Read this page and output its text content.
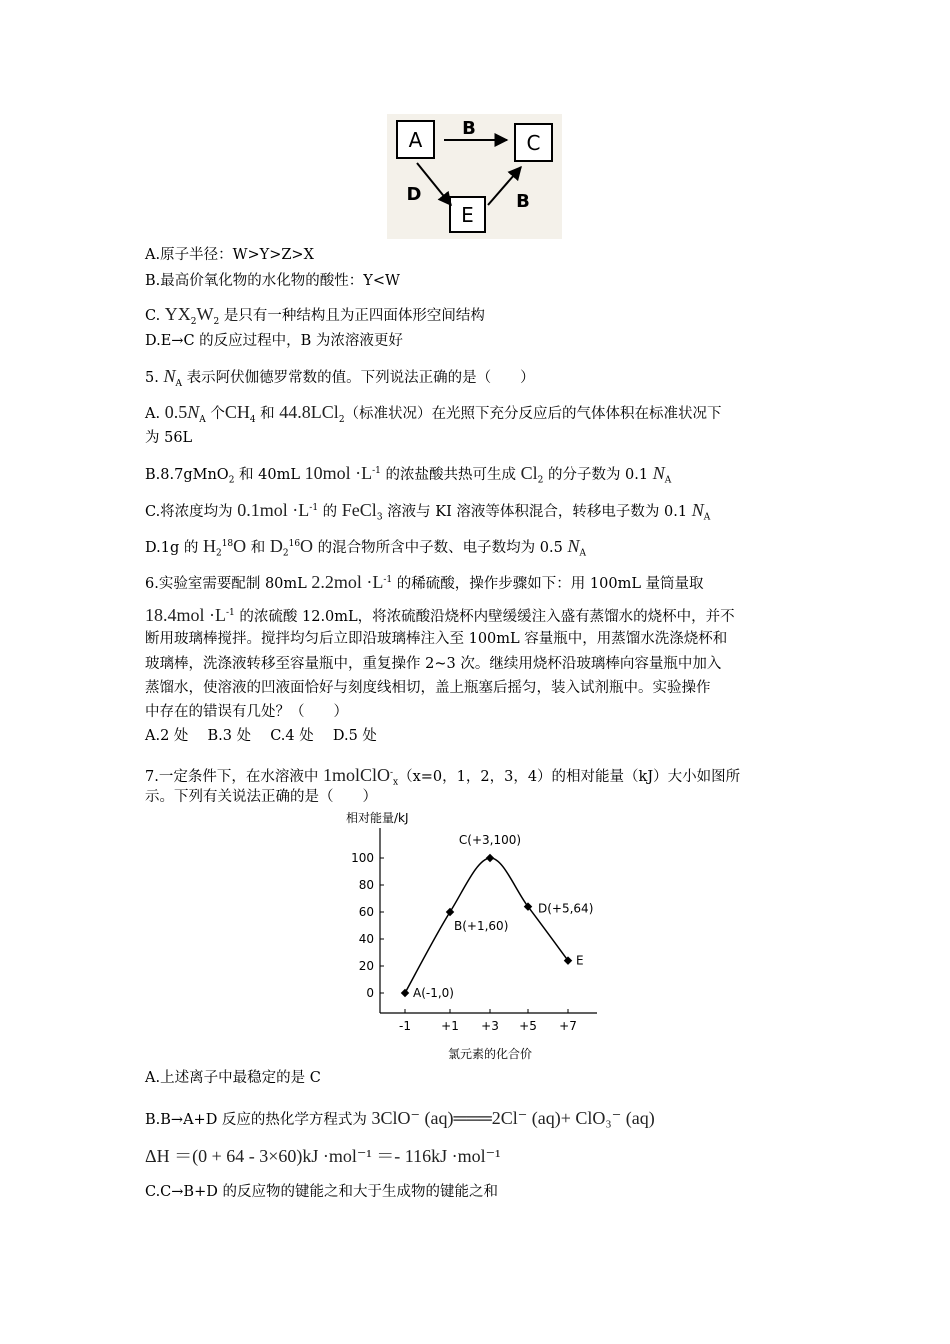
A	C
E
B
D	B
A.原子半径：W>Y>Z>X
B.最高价氧化物的水化物的酸性：Y<W
C. $YX_2W_2$ 是只有一种结构且为正四面体形空间结构
D.E→C 的反应过程中，B 为浓溶液更好
5. $N_A$ 表示阿伏伽德罗常数的值。下列说法正确的是（　　）
A. $0.5N_A$ 个$CH_4$ 和 44.8LCl$_2$（标准状况）在光照下充分反应后的气体体积在标准状况下
为 56L
B.8.7gMnO$_2$ 和 40mL $10mol \cdot L^{-1}$ 的浓盐酸共热可生成 $Cl_2$ 的分子数为 0.1 $N_A$
C.将浓度均为 $0.1mol \cdot L^{-1}$ 的 FeCl$_3$ 溶液与 KI 溶液等体积混合，转移电子数为 0.1 $N_A$
D.1g 的 $H_2^{18}O$ 和 $D_2^{16}O$ 的混合物所含中子数、电子数均为 0.5 $N_A$
6.实验室需要配制 80mL $2.2mol \cdot L^{-1}$ 的稀硫酸，操作步骤如下：用 100mL 量筒量取
$18.4mol \cdot L^{-1}$ 的浓硫酸 12.0mL，将浓硫酸沿烧杯内壁缓缓注入盛有蒸馏水的烧杯中，并不
断用玻璃棒搅拌。搅拌均匀后立即沿玻璃棒注入至 100mL 容量瓶中，用蒸馏水洗涤烧杯和
玻璃棒，洗涤液转移至容量瓶中，重复操作 2~3 次。继续用烧杯沿玻璃棒向容量瓶中加入
蒸馏水，使溶液的凹液面恰好与刻度线相切，盖上瓶塞后摇匀，装入试剂瓶中。实验操作
中存在的错误有几处？（　　）
A.2 处　 B.3 处　 C.4 处　 D.5 处
7.一定条件下，在水溶液中 1molClO-$_x$（x=0，1，2，3，4）的相对能量（kJ）大小如图所
示。下列有关说法正确的是（　　）
相对能量/kJ
0
20
40
60
80
100
-1	+1 +3 +5 +7
A(-1,0)
B(+1,60)
C(+3,100)
D(+5,64)
E
氯元素的化合价
A.上述离子中最稳定的是 C
B.B→A+D 反应的热化学方程式为 3ClO⁻ (aq)═══2Cl⁻ (aq)+ ClO₃⁻ (aq)
ΔH ＝(0 + 64 - 3×60)kJ ·mol⁻¹ ＝- 116kJ ·mol⁻¹
C.C→B+D 的反应物的键能之和大于生成物的键能之和
